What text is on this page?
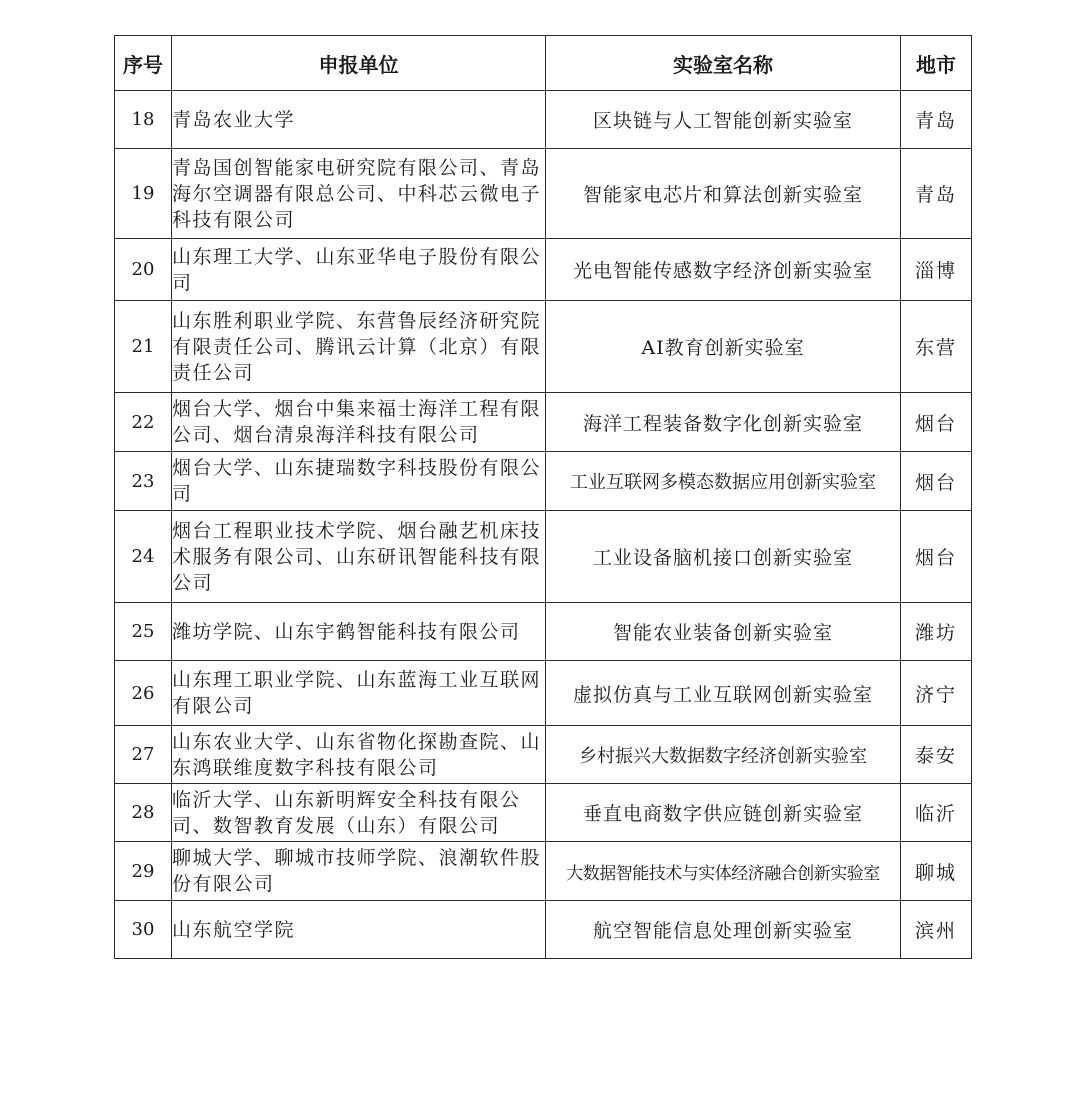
序号	申报单位	实验室名称	地市
18	青岛农业大学	区块链与人工智能创新实验室	青岛
19	青岛国创智能家电研究院有限公司、青岛海尔空调器有限总公司、中科芯云微电子科技有限公司	智能家电芯片和算法创新实验室	青岛
20	山东理工大学、山东亚华电子股份有限公司	光电智能传感数字经济创新实验室	淄博
21	山东胜利职业学院、东营鲁辰经济研究院有限责任公司、腾讯云计算（北京）有限责任公司	AI教育创新实验室	东营
22	烟台大学、烟台中集来福士海洋工程有限公司、烟台清泉海洋科技有限公司	海洋工程装备数字化创新实验室	烟台
23	烟台大学、山东捷瑞数字科技股份有限公司	工业互联网多模态数据应用创新实验室	烟台
24	烟台工程职业技术学院、烟台融艺机床技术服务有限公司、山东研讯智能科技有限公司	工业设备脑机接口创新实验室	烟台
25	潍坊学院、山东宇鹤智能科技有限公司	智能农业装备创新实验室	潍坊
26	山东理工职业学院、山东蓝海工业互联网有限公司	虚拟仿真与工业互联网创新实验室	济宁
27	山东农业大学、山东省物化探勘查院、山东鸿联维度数字科技有限公司	乡村振兴大数据数字经济创新实验室	泰安
28	临沂大学、山东新明辉安全科技有限公司、数智教育发展（山东）有限公司	垂直电商数字供应链创新实验室	临沂
29	聊城大学、聊城市技师学院、浪潮软件股份有限公司	大数据智能技术与实体经济融合创新实验室	聊城
30	山东航空学院	航空智能信息处理创新实验室	滨州
